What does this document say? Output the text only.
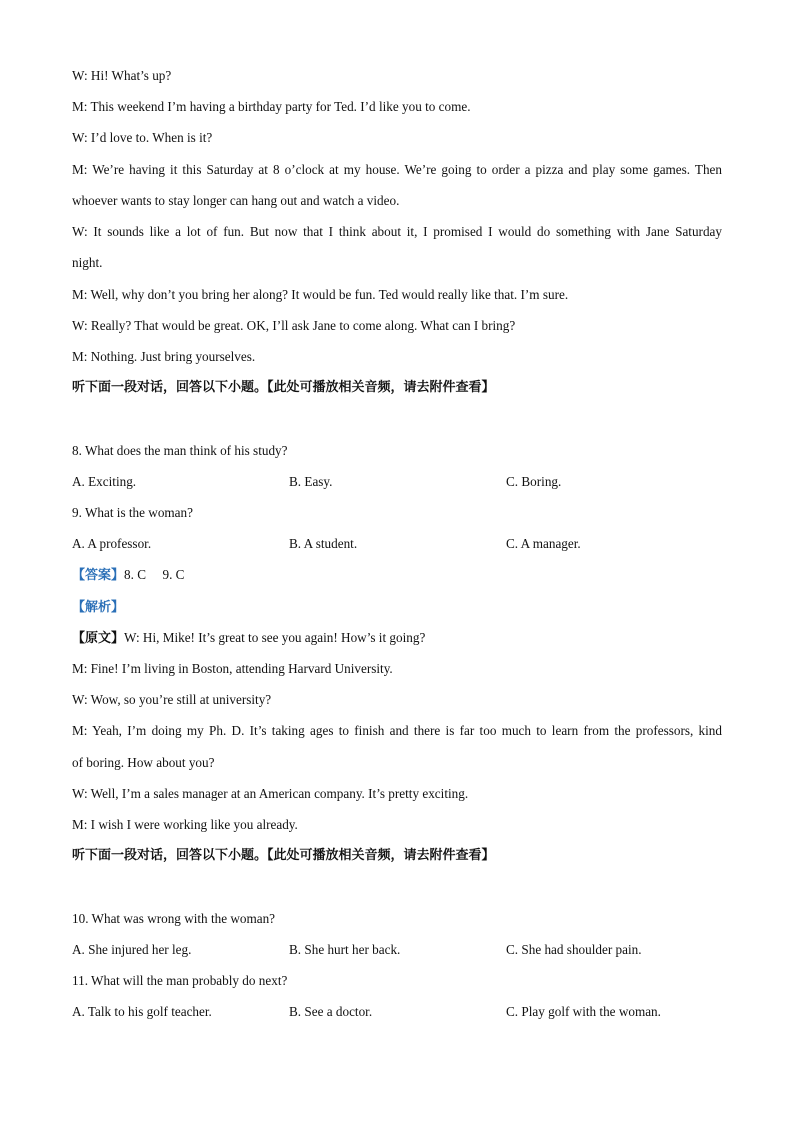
W: Hi! What’s up?
M: This weekend I’m having a birthday party for Ted. I’d like you to come.
W: I’d love to. When is it?
M: We’re having it this Saturday at 8 o’clock at my house. We’re going to order a pizza and play some games. Then
whoever wants to stay longer can hang out and watch a video.
W: It sounds like a lot of fun. But now that I think about it, I promised I would do something with Jane Saturday
night.
M: Well, why don’t you bring her along? It would be fun. Ted would really like that. I’m sure.
W: Really? That would be great. OK, I’ll ask Jane to come along. What can I bring?
M: Nothing. Just bring yourselves.
听下面一段对话，回答以下小题。【此处可播放相关音频，请去附件查看】
8. What does the man think of his study?
A. Exciting.	B. Easy.	C. Boring.
9. What is the woman?
A. A professor.	B. A student.	C. A manager.
【答案】8. C     9. C
【解析】
【原文】W: Hi, Mike! It’s great to see you again! How’s it going?
M: Fine! I’m living in Boston, attending Harvard University.
W: Wow, so you’re still at university?
M: Yeah, I’m doing my Ph. D. It’s taking ages to finish and there is far too much to learn from the professors, kind
of boring. How about you?
W: Well, I’m a sales manager at an American company. It’s pretty exciting.
M: I wish I were working like you already.
听下面一段对话，回答以下小题。【此处可播放相关音频，请去附件查看】
10. What was wrong with the woman?
A. She injured her leg.	B. She hurt her back.	C. She had shoulder pain.
11. What will the man probably do next?
A. Talk to his golf teacher.	B. See a doctor.	C. Play golf with the woman.
